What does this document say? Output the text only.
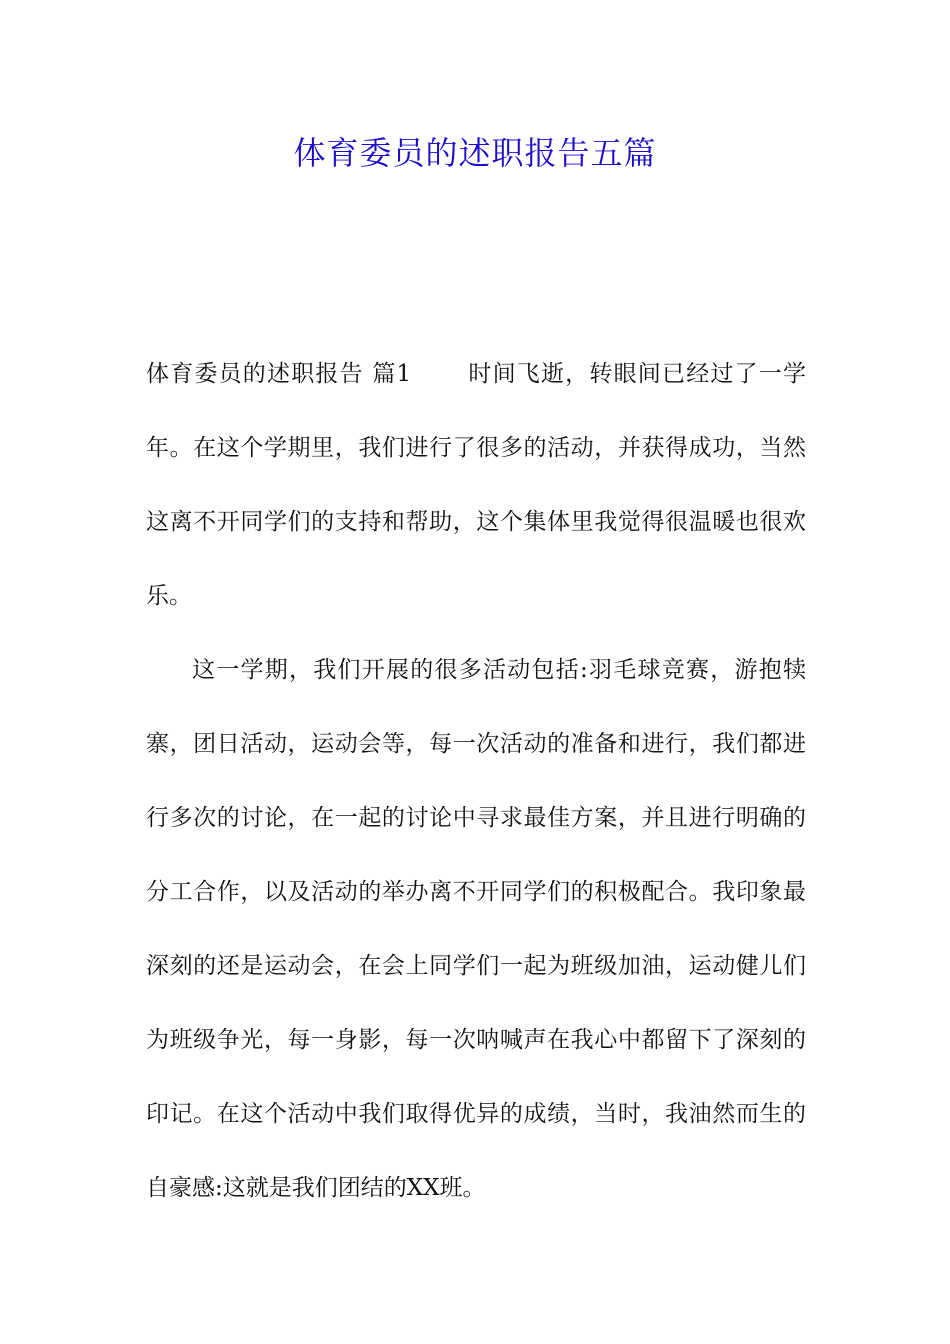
体育委员的述职报告五篇

体育委员的述职报告 篇1 时间飞逝，转眼间已经过了一学年。在这个学期里，我们进行了很多的活动，并获得成功，当然这离不开同学们的支持和帮助，这个集体里我觉得很温暖也很欢乐。

这一学期，我们开展的很多活动包括:羽毛球竞赛，游抱犊寨，团日活动，运动会等，每一次活动的准备和进行，我们都进行多次的讨论，在一起的讨论中寻求最佳方案，并且进行明确的分工合作，以及活动的举办离不开同学们的积极配合。我印象最深刻的还是运动会，在会上同学们一起为班级加油，运动健儿们为班级争光，每一身影，每一次呐喊声在我心中都留下了深刻的印记。在这个活动中我们取得优异的成绩，当时，我油然而生的自豪感:这就是我们团结的XX班。
